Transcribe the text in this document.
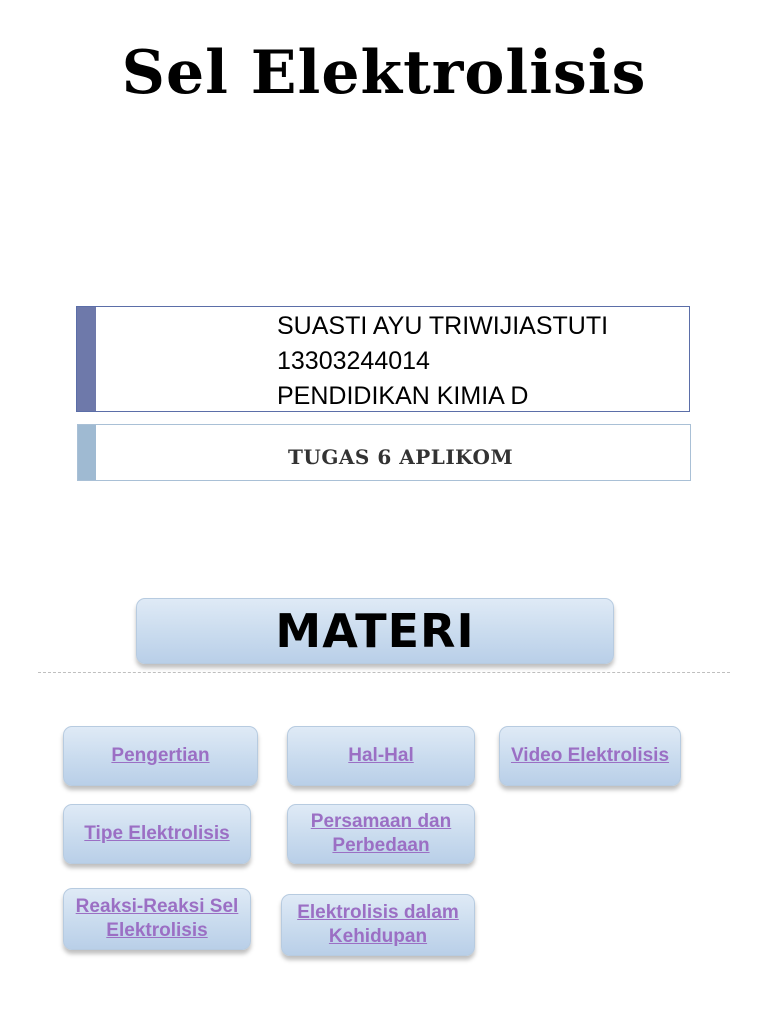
Sel Elektrolisis
SUASTI AYU TRIWIJIASTUTI
13303244014
PENDIDIKAN KIMIA D
TUGAS 6 APLIKOM
MATERI
Pengertian	Hal-Hal	Video Elektrolisis
Tipe Elektrolisis
Persamaan dan Perbedaan
Reaksi-Reaksi Sel Elektrolisis
Elektrolisis dalam Kehidupan
